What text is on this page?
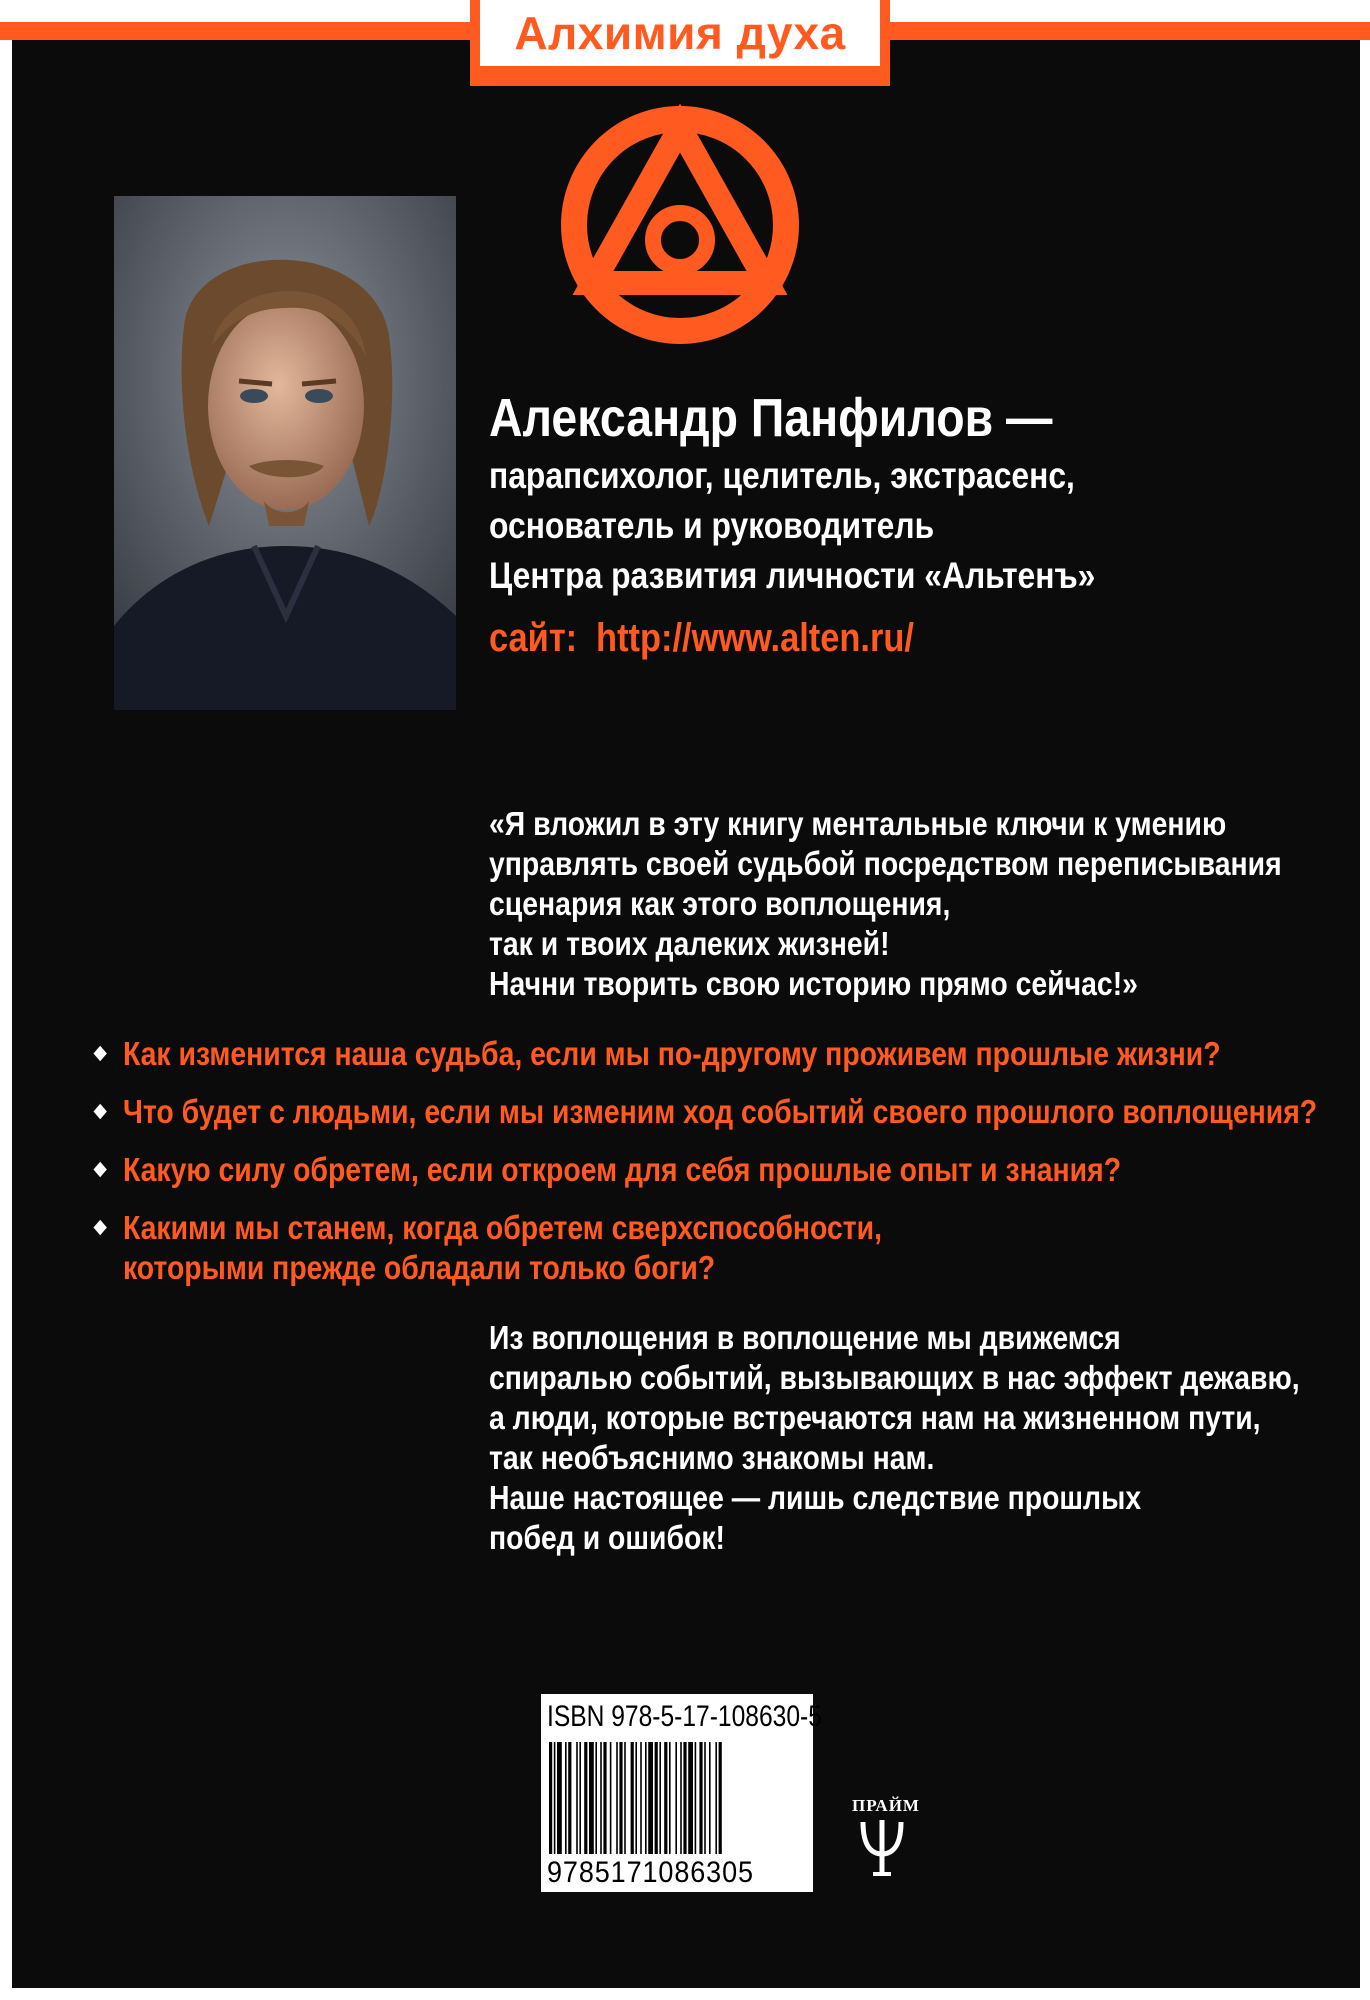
Алхимия духа
Александр Панфилов —
парапсихолог, целитель, экстрасенс,
основатель и руководитель
Центра развития личности «Альтенъ»
сайт: http://www.alten.ru/
«Я вложил в эту книгу ментальные ключи к умению
управлять своей судьбой посредством переписывания
сценария как этого воплощения,
так и твоих далеких жизней!
Начни творить свою историю прямо сейчас!»
Как изменится наша судьба, если мы по-другому проживем прошлые жизни?
Что будет с людьми, если мы изменим ход событий своего прошлого воплощения?
Какую силу обретем, если откроем для себя прошлые опыт и знания?
Какими мы станем, когда обретем сверхспособности,
которыми прежде обладали только боги?
Из воплощения в воплощение мы движемся
спиралью событий, вызывающих в нас эффект дежавю,
а люди, которые встречаются нам на жизненном пути,
так необъяснимо знакомы нам.
Наше настоящее — лишь следствие прошлых
побед и ошибок!
ISBN 978-5-17-108630-5
9785171086305
ПРАЙМ
